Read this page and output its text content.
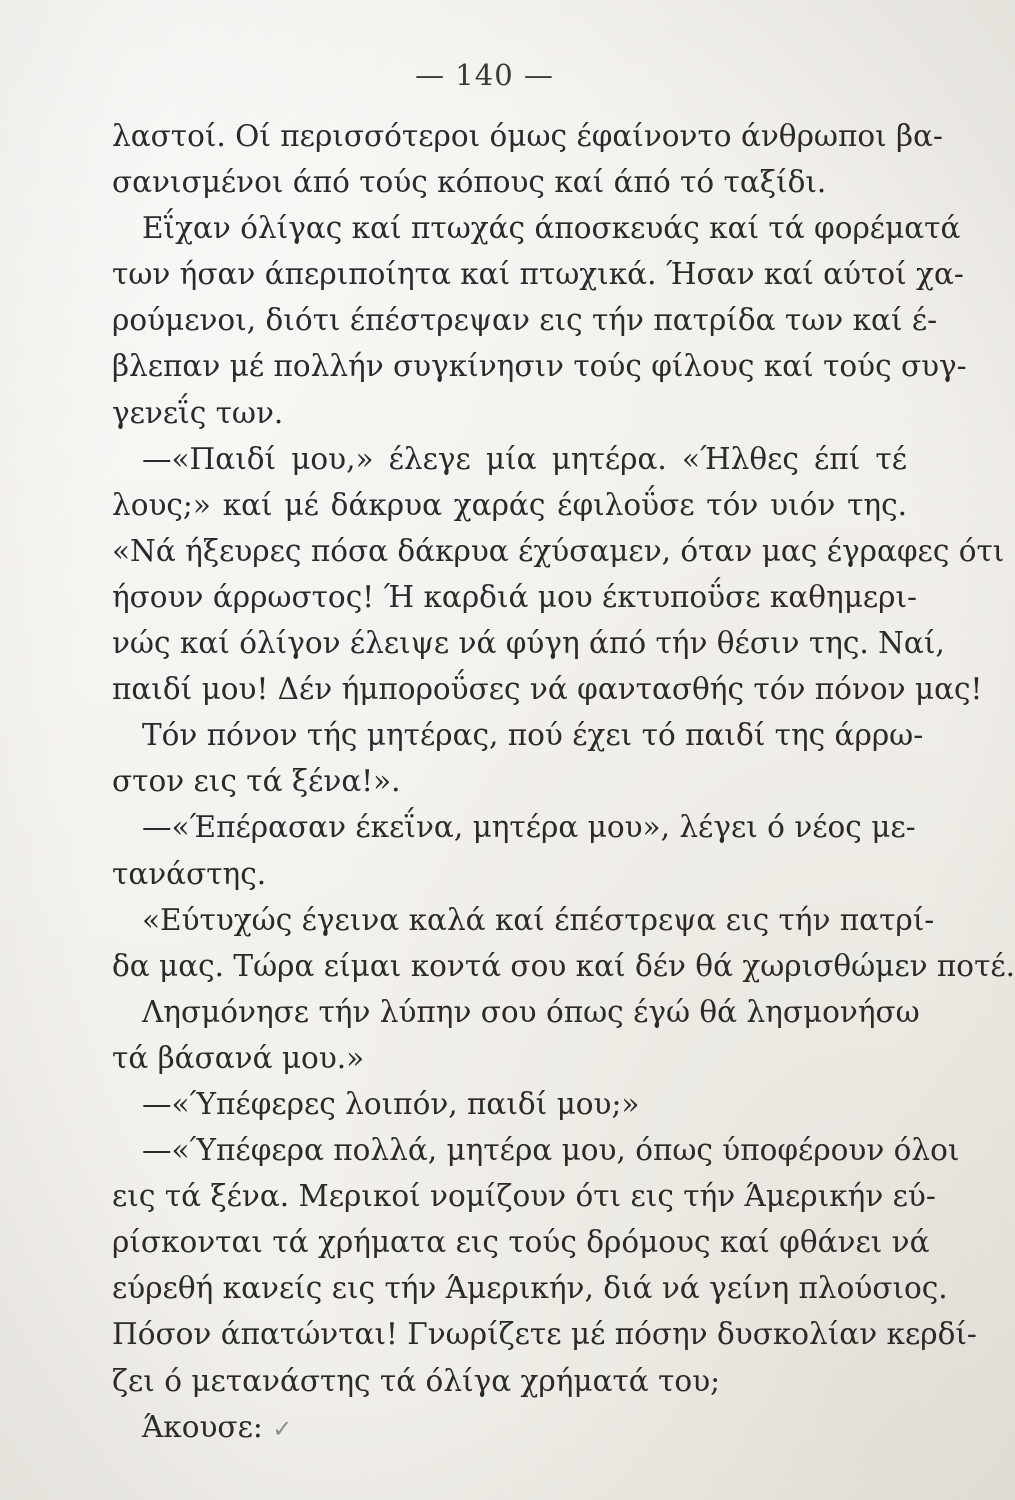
— 140 —
λαστοί. Οί περισσότεροι όμως έφαίνοντο άνθρωποι βα-
σανισμένοι άπό τούς κόπους καί άπό τό ταξίδι.
Εΐχαν όλίγας καί πτωχάς άποσκευάς καί τά φορέματά
των ήσαν άπεριποίητα καί πτωχικά. Ήσαν καί αύτοί χα-
ρούμενοι, διότι έπέστρεψαν εις τήν πατρίδα των καί έ-
βλεπαν μέ πολλήν συγκίνησιν τούς φίλους καί τούς συγ-
γενεΐς των.
—«Παιδί μου,» έλεγε μία μητέρα. «Ήλθες έπί τέ
λους;» καί μέ δάκρυα χαράς έφιλοΰσε τόν υιόν της.
«Νά ήξευρες πόσα δάκρυα έχύσαμεν, όταν μας έγραφες ότι
ήσουν άρρωστος! Ή καρδιά μου έκτυποΰσε καθημερι-
νώς καί όλίγον έλειψε νά φύγη άπό τήν θέσιν της. Ναί,
παιδί μου! Δέν ήμποροΰσες νά φαντασθής τόν πόνον μας!
Τόν πόνον τής μητέρας, πού έχει τό παιδί της άρρω-
στον εις τά ξένα!».
—«Έπέρασαν έκεΐνα, μητέρα μου», λέγει ό νέος με-
τανάστης.
«Εύτυχώς έγεινα καλά καί έπέστρεψα εις τήν πατρί-
δα μας. Τώρα είμαι κοντά σου καί δέν θά χωρισθώμεν ποτέ.
Λησμόνησε τήν λύπην σου όπως έγώ θά λησμονήσω
τά βάσανά μου.»
—«Ύπέφερες λοιπόν, παιδί μου;»
—«Ύπέφερα πολλά, μητέρα μου, όπως ύποφέρουν όλοι
εις τά ξένα. Μερικοί νομίζουν ότι εις τήν Άμερικήν εύ-
ρίσκονται τά χρήματα εις τούς δρόμους καί φθάνει νά
εύρεθή κανείς εις τήν Άμερικήν, διά νά γείνη πλούσιος.
Πόσον άπατώνται! Γνωρίζετε μέ πόσην δυσκολίαν κερδί-
ζει ό μετανάστης τά όλίγα χρήματά του;
Άκουσε: ✓
